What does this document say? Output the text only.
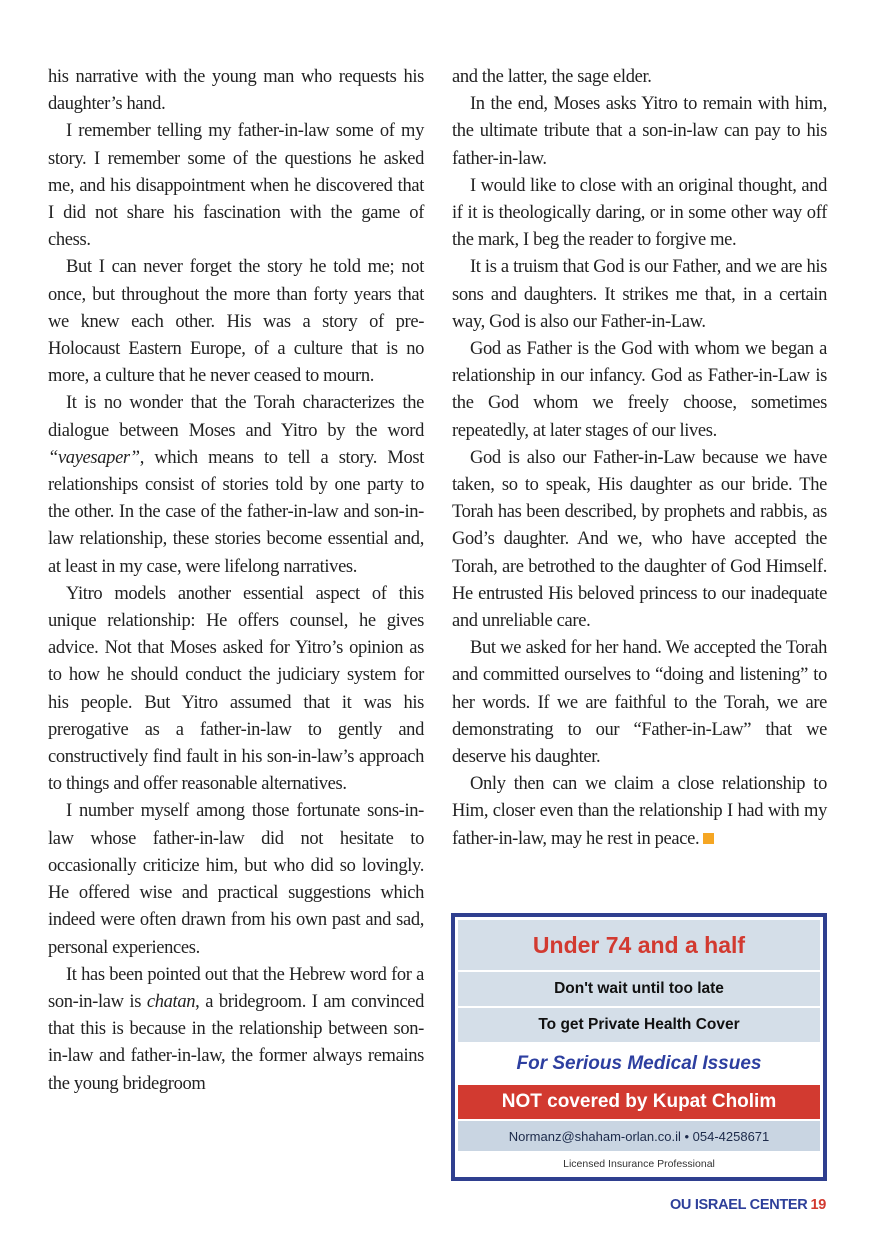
his narrative with the young man who requests his daughter’s hand.

I remember telling my father-in-law some of my story. I remember some of the questions he asked me, and his disappointment when he discovered that I did not share his fascination with the game of chess.

But I can never forget the story he told me; not once, but throughout the more than forty years that we knew each other. His was a story of pre-Holocaust Eastern Europe, of a culture that is no more, a culture that he never ceased to mourn.

It is no wonder that the Torah characterizes the dialogue between Moses and Yitro by the word “vayesaper”, which means to tell a story. Most relationships consist of stories told by one party to the other. In the case of the father-in-law and son-in-law relationship, these stories become essential and, at least in my case, were lifelong narratives.

Yitro models another essential aspect of this unique relationship: He offers counsel, he gives advice. Not that Moses asked for Yitro’s opinion as to how he should conduct the judiciary system for his people. But Yitro assumed that it was his prerogative as a father-in-law to gently and constructively find fault in his son-in-law’s approach to things and offer reasonable alternatives.

I number myself among those fortunate sons-in-law whose father-in-law did not hesitate to occasionally criticize him, but who did so lovingly. He offered wise and practical suggestions which indeed were often drawn from his own past and sad, personal experiences.

It has been pointed out that the Hebrew word for a son-in-law is chatan, a bridegroom. I am convinced that this is because in the relationship between son-in-law and father-in-law, the former always remains the young bridegroom

and the latter, the sage elder.

In the end, Moses asks Yitro to remain with him, the ultimate tribute that a son-in-law can pay to his father-in-law.

I would like to close with an original thought, and if it is theologically daring, or in some other way off the mark, I beg the reader to forgive me.

It is a truism that God is our Father, and we are his sons and daughters. It strikes me that, in a certain way, God is also our Father-in-Law.

God as Father is the God with whom we began a relationship in our infancy. God as Father-in-Law is the God whom we freely choose, sometimes repeatedly, at later stages of our lives.

God is also our Father-in-Law because we have taken, so to speak, His daughter as our bride. The Torah has been described, by prophets and rabbis, as God’s daughter. And we, who have accepted the Torah, are betrothed to the daughter of God Himself. He entrusted His beloved princess to our inadequate and unreliable care.

But we asked for her hand. We accepted the Torah and committed ourselves to “doing and listening” to her words. If we are faithful to the Torah, we are demonstrating to our “Father-in-Law” that we deserve his daughter.

Only then can we claim a close relationship to Him, closer even than the relationship I had with my father-in-law, may he rest in peace.

Under 74 and a half
Don't wait until too late
To get Private Health Cover
For Serious Medical Issues
NOT covered by Kupat Cholim
Normanz@shaham-orlan.co.il • 054-4258671
Licensed Insurance Professional
OU ISRAEL CENTER 19
